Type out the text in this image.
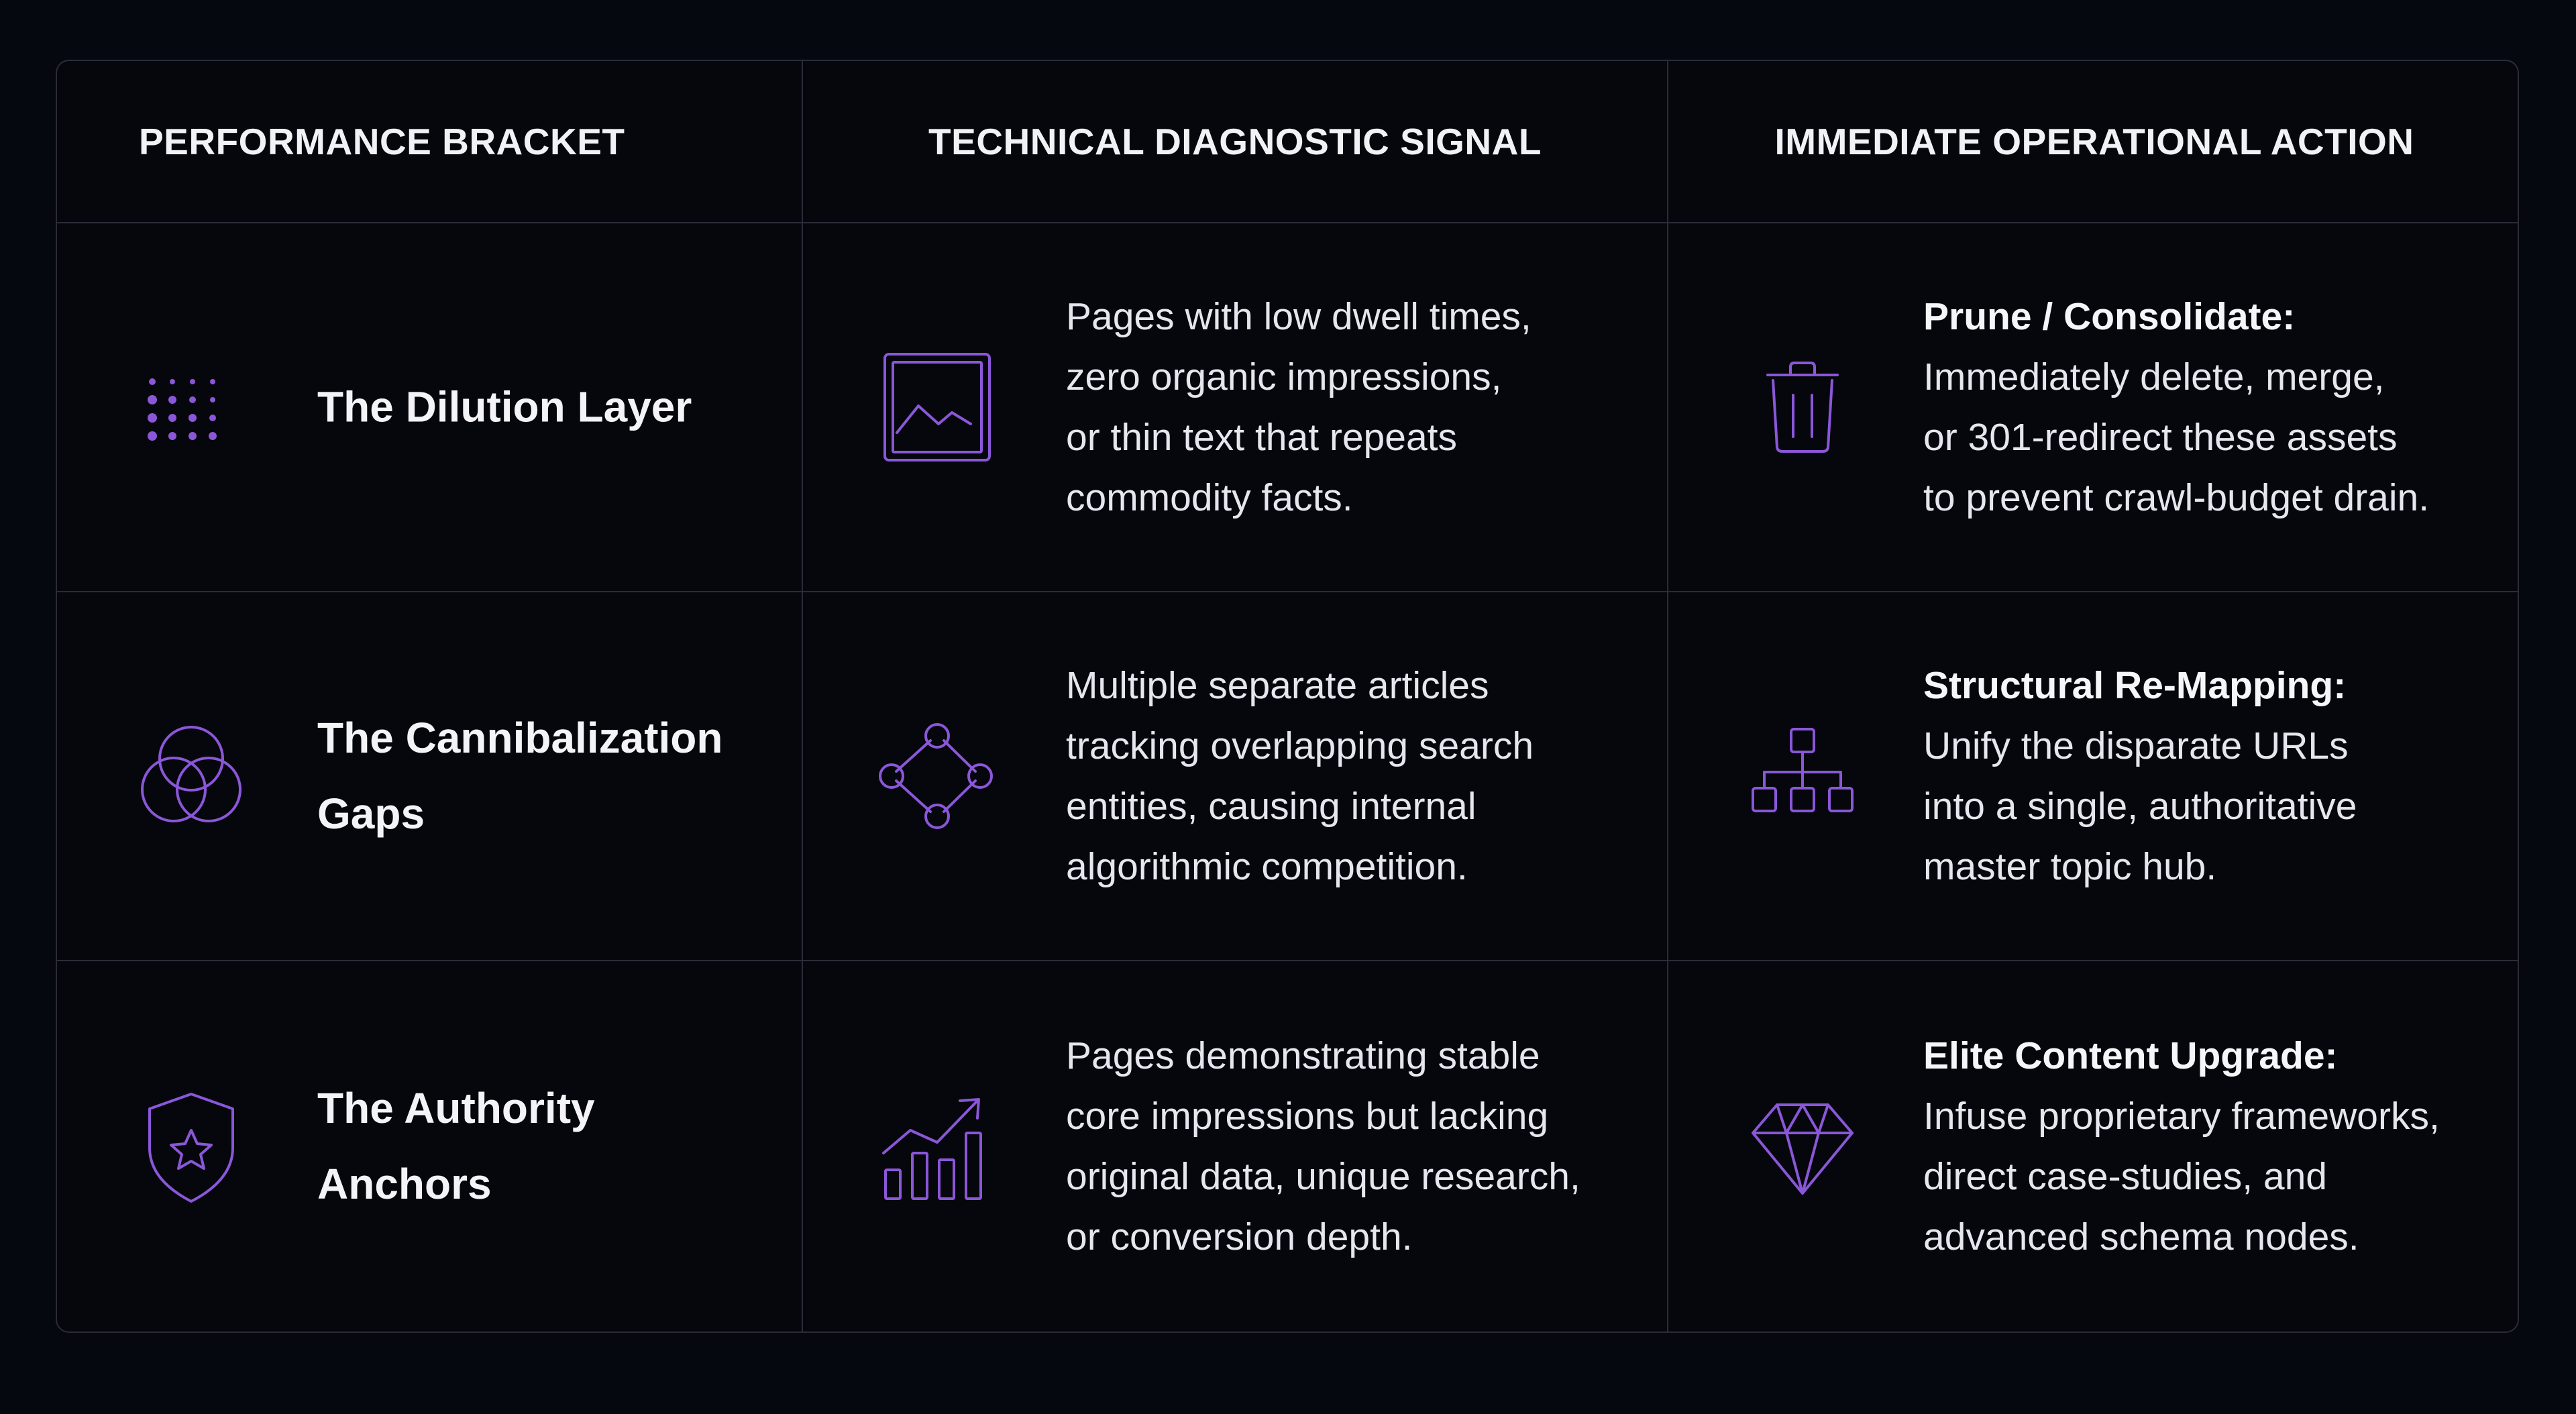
PERFORMANCE BRACKET	TECHNICAL DIAGNOSTIC SIGNAL	IMMEDIATE OPERATIONAL ACTION
The Dilution Layer
Pages with low dwell times,
zero organic impressions,
or thin text that repeats
commodity facts.
Prune / Consolidate:
Immediately delete, merge,
or 301-redirect these assets
to prevent crawl-budget drain.
The Cannibalization
Gaps
Multiple separate articles
tracking overlapping search
entities, causing internal
algorithmic competition.
Structural Re-Mapping:
Unify the disparate URLs
into a single, authoritative
master topic hub.
The Authority
Anchors
Pages demonstrating stable
core impressions but lacking
original data, unique research,
or conversion depth.
Elite Content Upgrade:
Infuse proprietary frameworks,
direct case-studies, and
advanced schema nodes.
